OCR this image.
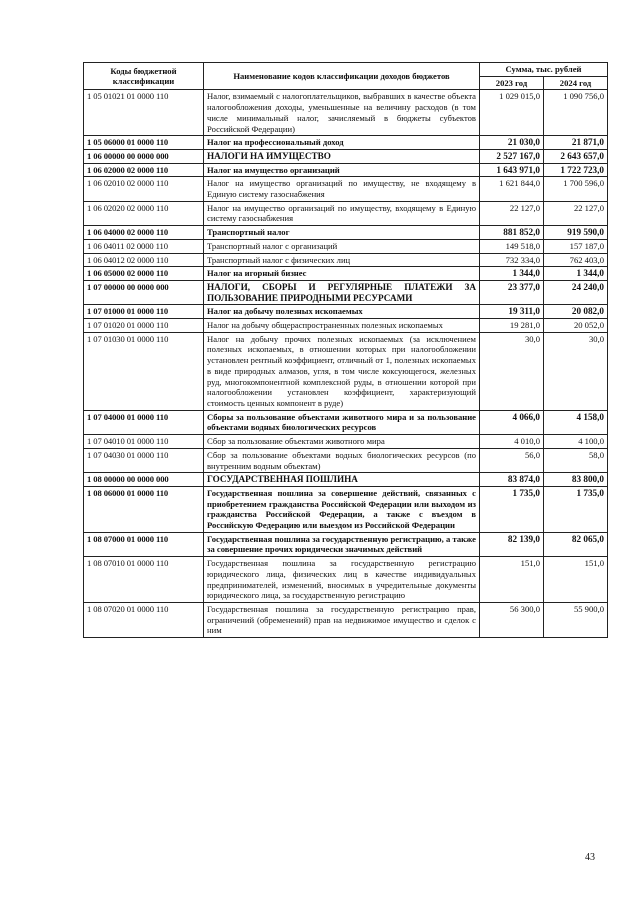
Коды бюджетной классификации	Наименование кодов классификации доходов бюджетов	Сумма, тыс. рублей	
		2023 год	2024 год
1 05 01021 01 0000 110	Налог, взимаемый с налогоплательщиков, выбравших в качестве объекта налогообложения доходы, уменьшенные на величину расходов (в том числе минимальный налог, зачисляемый в бюджеты субъектов Российской Федерации)	1 029 015,0	1 090 756,0
1 05 06000 01 0000 110	Налог на профессиональный доход	21 030,0	21 871,0
1 06 00000 00 0000 000	НАЛОГИ НА ИМУЩЕСТВО	2 527 167,0	2 643 657,0
1 06 02000 02 0000 110	Налог на имущество организаций	1 643 971,0	1 722 723,0
1 06 02010 02 0000 110	Налог на имущество организаций по имуществу, не входящему в Единую систему газоснабжения	1 621 844,0	1 700 596,0
1 06 02020 02 0000 110	Налог на имущество организаций по имуществу, входящему в Единую систему газоснабжения	22 127,0	22 127,0
1 06 04000 02 0000 110	Транспортный налог	881 852,0	919 590,0
1 06 04011 02 0000 110	Транспортный налог с организаций	149 518,0	157 187,0
1 06 04012 02 0000 110	Транспортный налог с физических лиц	732 334,0	762 403,0
1 06 05000 02 0000 110	Налог на игорный бизнес	1 344,0	1 344,0
1 07 00000 00 0000 000	НАЛОГИ, СБОРЫ И РЕГУЛЯРНЫЕ ПЛАТЕЖИ ЗА ПОЛЬЗОВАНИЕ ПРИРОДНЫМИ РЕСУРСАМИ	23 377,0	24 240,0
1 07 01000 01 0000 110	Налог на добычу полезных ископаемых	19 311,0	20 082,0
1 07 01020 01 0000 110	Налог на добычу общераспространенных полезных ископаемых	19 281,0	20 052,0
1 07 01030 01 0000 110	Налог на добычу прочих полезных ископаемых (за исключением полезных ископаемых, в отношении которых при налогообложении установлен рентный коэффициент, отличный от 1, полезных ископаемых в виде природных алмазов, угля, в том числе коксующегося, железных руд, многокомпонентной комплексной руды, в отношении которой при налогообложении установлен коэффициент, характеризующий стоимость ценных компонент в руде)	30,0	30,0
1 07 04000 01 0000 110	Сборы за пользование объектами животного мира и за пользование объектами водных биологических ресурсов	4 066,0	4 158,0
1 07 04010 01 0000 110	Сбор за пользование объектами животного мира	4 010,0	4 100,0
1 07 04030 01 0000 110	Сбор за пользование объектами водных биологических ресурсов (по внутренним водным объектам)	56,0	58,0
1 08 00000 00 0000 000	ГОСУДАРСТВЕННАЯ ПОШЛИНА	83 874,0	83 800,0
1 08 06000 01 0000 110	Государственная пошлина за совершение действий, связанных с приобретением гражданства Российской Федерации или выходом из гражданства Российской Федерации, а также с въездом в Российскую Федерацию или выездом из Российской Федерации	1 735,0	1 735,0
1 08 07000 01 0000 110	Государственная пошлина за государственную регистрацию, а также за совершение прочих юридически значимых действий	82 139,0	82 065,0
1 08 07010 01 0000 110	Государственная пошлина за государственную регистрацию юридического лица, физических лиц в качестве индивидуальных предпринимателей, изменений, вносимых в учредительные документы юридического лица, за государственную регистрацию	151,0	151,0
1 08 07020 01 0000 110	Государственная пошлина за государственную регистрацию прав, ограничений (обременений) прав на недвижимое имущество и сделок с ним	56 300,0	55 900,0
43
